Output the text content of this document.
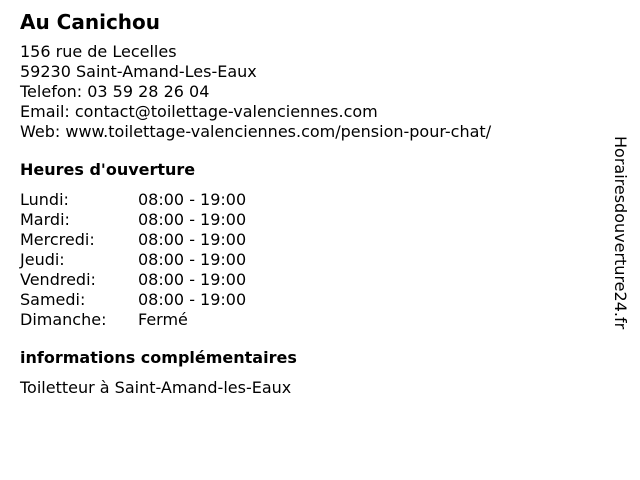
Au Canichou
156 rue de Lecelles
59230 Saint-Amand-Les-Eaux
Telefon: 03 59 28 26 04
Email: contact@toilettage-valenciennes.com
Web: www.toilettage-valenciennes.com/pension-pour-chat/
Heures d'ouverture
Lundi:	08:00 - 19:00
Mardi:	08:00 - 19:00
Mercredi:	08:00 - 19:00
Jeudi:	08:00 - 19:00
Vendredi:	08:00 - 19:00
Samedi:	08:00 - 19:00
Dimanche:	Fermé
informations complémentaires
Toiletteur à Saint-Amand-les-Eaux
Horairesdouverture24.fr
